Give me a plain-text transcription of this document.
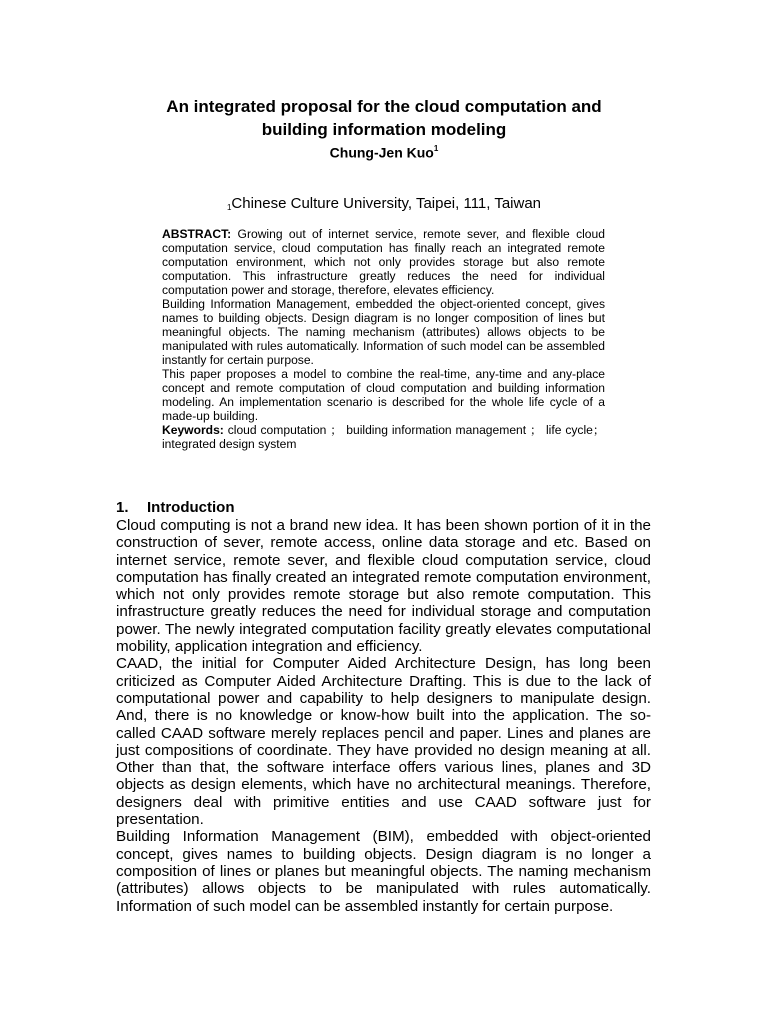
An integrated proposal for the cloud computation and
building information modeling
Chung-Jen Kuo$^1$
$_1$Chinese Culture University, Taipei, 111, Taiwan

ABSTRACT: Growing out of internet service, remote sever, and flexible cloud computation service, cloud computation has finally reach an integrated remote computation environment, which not only provides storage but also remote computation. This infrastructure greatly reduces the need for individual computation power and storage, therefore, elevates efficiency.

Building Information Management, embedded the object-oriented concept, gives names to building objects. Design diagram is no longer composition of lines but meaningful objects. The naming mechanism (attributes) allows objects to be manipulated with rules automatically. Information of such model can be assembled instantly for certain purpose.

This paper proposes a model to combine the real-time, any-time and any-place concept and remote computation of cloud computation and building information modeling. An implementation scenario is described for the whole life cycle of a made-up building.

Keywords: cloud computation ； building information management ； life cycle；integrated design system

1. Introduction

Cloud computing is not a brand new idea. It has been shown portion of it in the construction of sever, remote access, online data storage and etc. Based on internet service, remote sever, and flexible cloud computation service, cloud computation has finally created an integrated remote computation environment, which not only provides remote storage but also remote computation. This infrastructure greatly reduces the need for individual storage and computation power. The newly integrated computation facility greatly elevates computational mobility, application integration and efficiency.

CAAD, the initial for Computer Aided Architecture Design, has long been criticized as Computer Aided Architecture Drafting. This is due to the lack of computational power and capability to help designers to manipulate design. And, there is no knowledge or know-how built into the application. The so-called CAAD software merely replaces pencil and paper. Lines and planes are just compositions of coordinate. They have provided no design meaning at all. Other than that, the software interface offers various lines, planes and 3D objects as design elements, which have no architectural meanings. Therefore, designers deal with primitive entities and use CAAD software just for presentation.

Building Information Management (BIM), embedded with object-oriented concept, gives names to building objects. Design diagram is no longer a composition of lines or planes but meaningful objects. The naming mechanism (attributes) allows objects to be manipulated with rules automatically. Information of such model can be assembled instantly for certain purpose.
